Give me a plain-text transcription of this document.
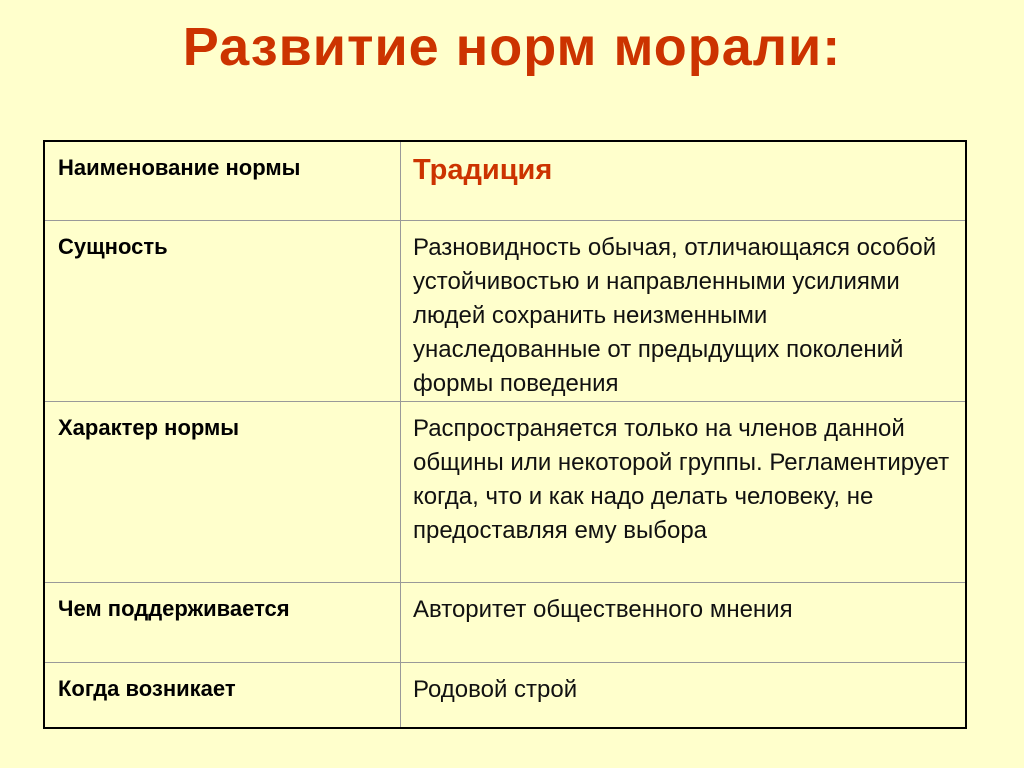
Развитие норм морали:
Наименование нормы	Традиция
Сущность	Разновидность обычая, отличающаяся особой устойчивостью и направленными усилиями людей сохранить неизменными унаследованные от предыдущих поколений формы поведения
Характер нормы	Распространяется только на членов данной общины или некоторой группы. Регламентирует когда, что и как надо делать человеку, не предоставляя ему выбора
Чем поддерживается	Авторитет общественного мнения
Когда возникает	Родовой строй
